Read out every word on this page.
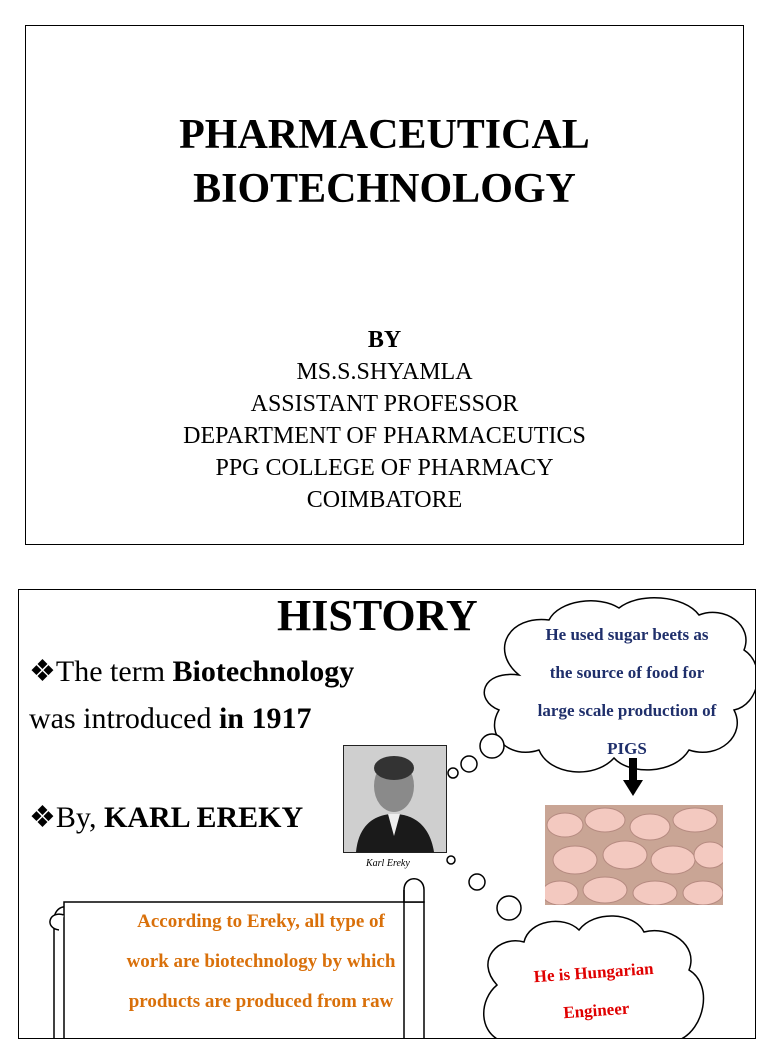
PHARMACEUTICAL
BIOTECHNOLOGY
BY
MS.S.SHYAMLA
ASSISTANT PROFESSOR
DEPARTMENT OF PHARMACEUTICS
PPG COLLEGE OF PHARMACY
COIMBATORE
HISTORY
❖The term Biotechnology
was introduced in 1917
❖By, KARL EREKY
Karl Ereky
He used sugar beets as
the source of food for
large scale production of
PIGS
He is Hungarian
Engineer
According to Ereky, all type of
work are biotechnology by which
products are produced from raw
